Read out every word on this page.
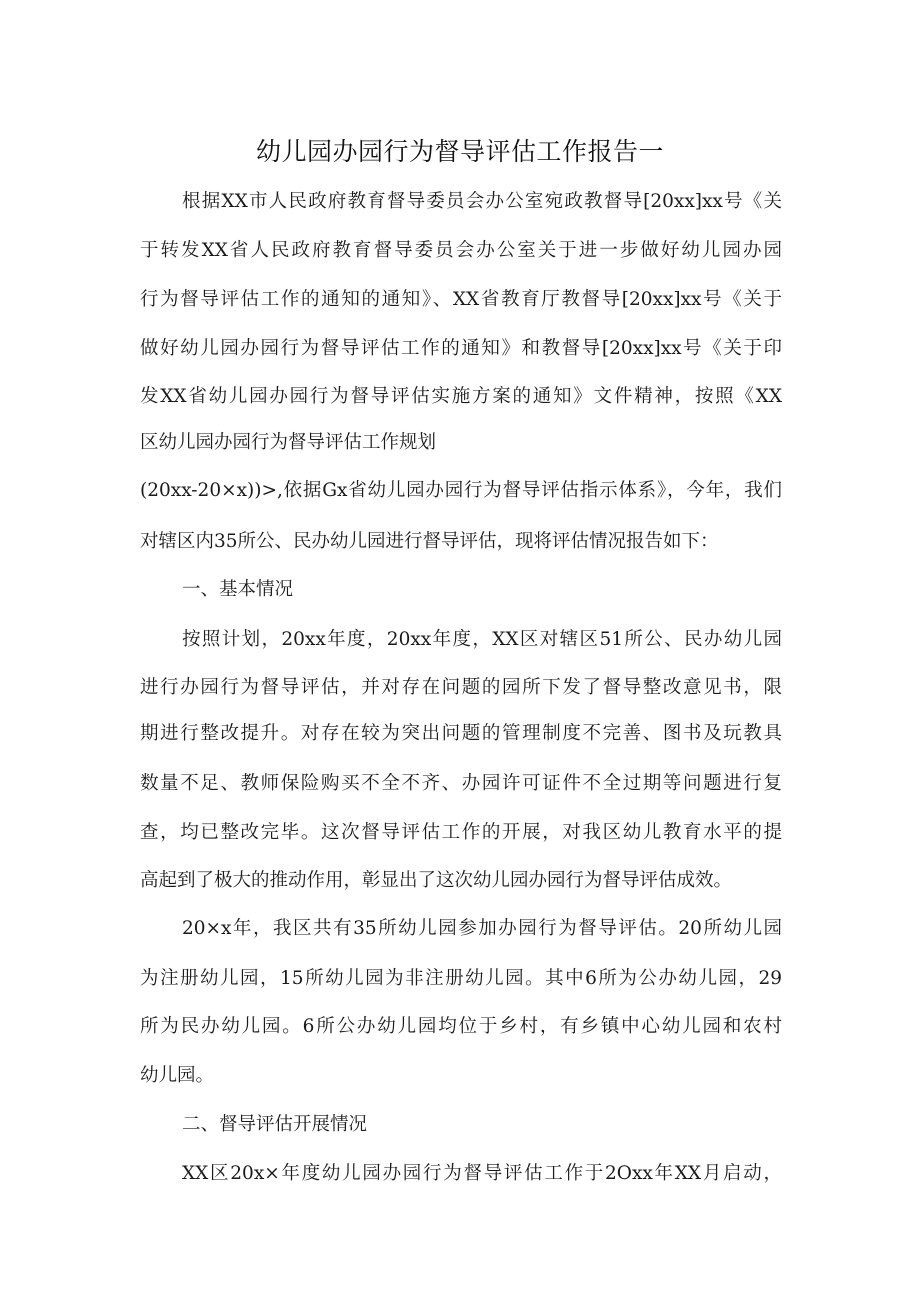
幼儿园办园行为督导评估工作报告一
根据XX市人民政府教育督导委员会办公室宛政教督导[20xx]xx号《关
于转发XX省人民政府教育督导委员会办公室关于进一步做好幼儿园办园
行为督导评估工作的通知的通知》、XX省教育厅教督导[20xx]xx号《关于
做好幼儿园办园行为督导评估工作的通知》和教督导[20xx]xx号《关于印
发XX省幼儿园办园行为督导评估实施方案的通知》文件精神，按照《XX
区幼儿园办园行为督导评估工作规划
(20xx-20×x))>,依据Gx省幼儿园办园行为督导评估指示体系》，今年，我们
对辖区内35所公、民办幼儿园进行督导评估，现将评估情况报告如下：
一、基本情况
按照计划，20xx年度，20xx年度，XX区对辖区51所公、民办幼儿园
进行办园行为督导评估，并对存在问题的园所下发了督导整改意见书，限
期进行整改提升。对存在较为突出问题的管理制度不完善、图书及玩教具
数量不足、教师保险购买不全不齐、办园许可证件不全过期等问题进行复
查，均已整改完毕。这次督导评估工作的开展，对我区幼儿教育水平的提
高起到了极大的推动作用，彰显出了这次幼儿园办园行为督导评估成效。
20×x年，我区共有35所幼儿园参加办园行为督导评估。20所幼儿园
为注册幼儿园，15所幼儿园为非注册幼儿园。其中6所为公办幼儿园，29
所为民办幼儿园。6所公办幼儿园均位于乡村，有乡镇中心幼儿园和农村
幼儿园。
二、督导评估开展情况
XX区20x×年度幼儿园办园行为督导评估工作于2Oxx年XX月启动，
